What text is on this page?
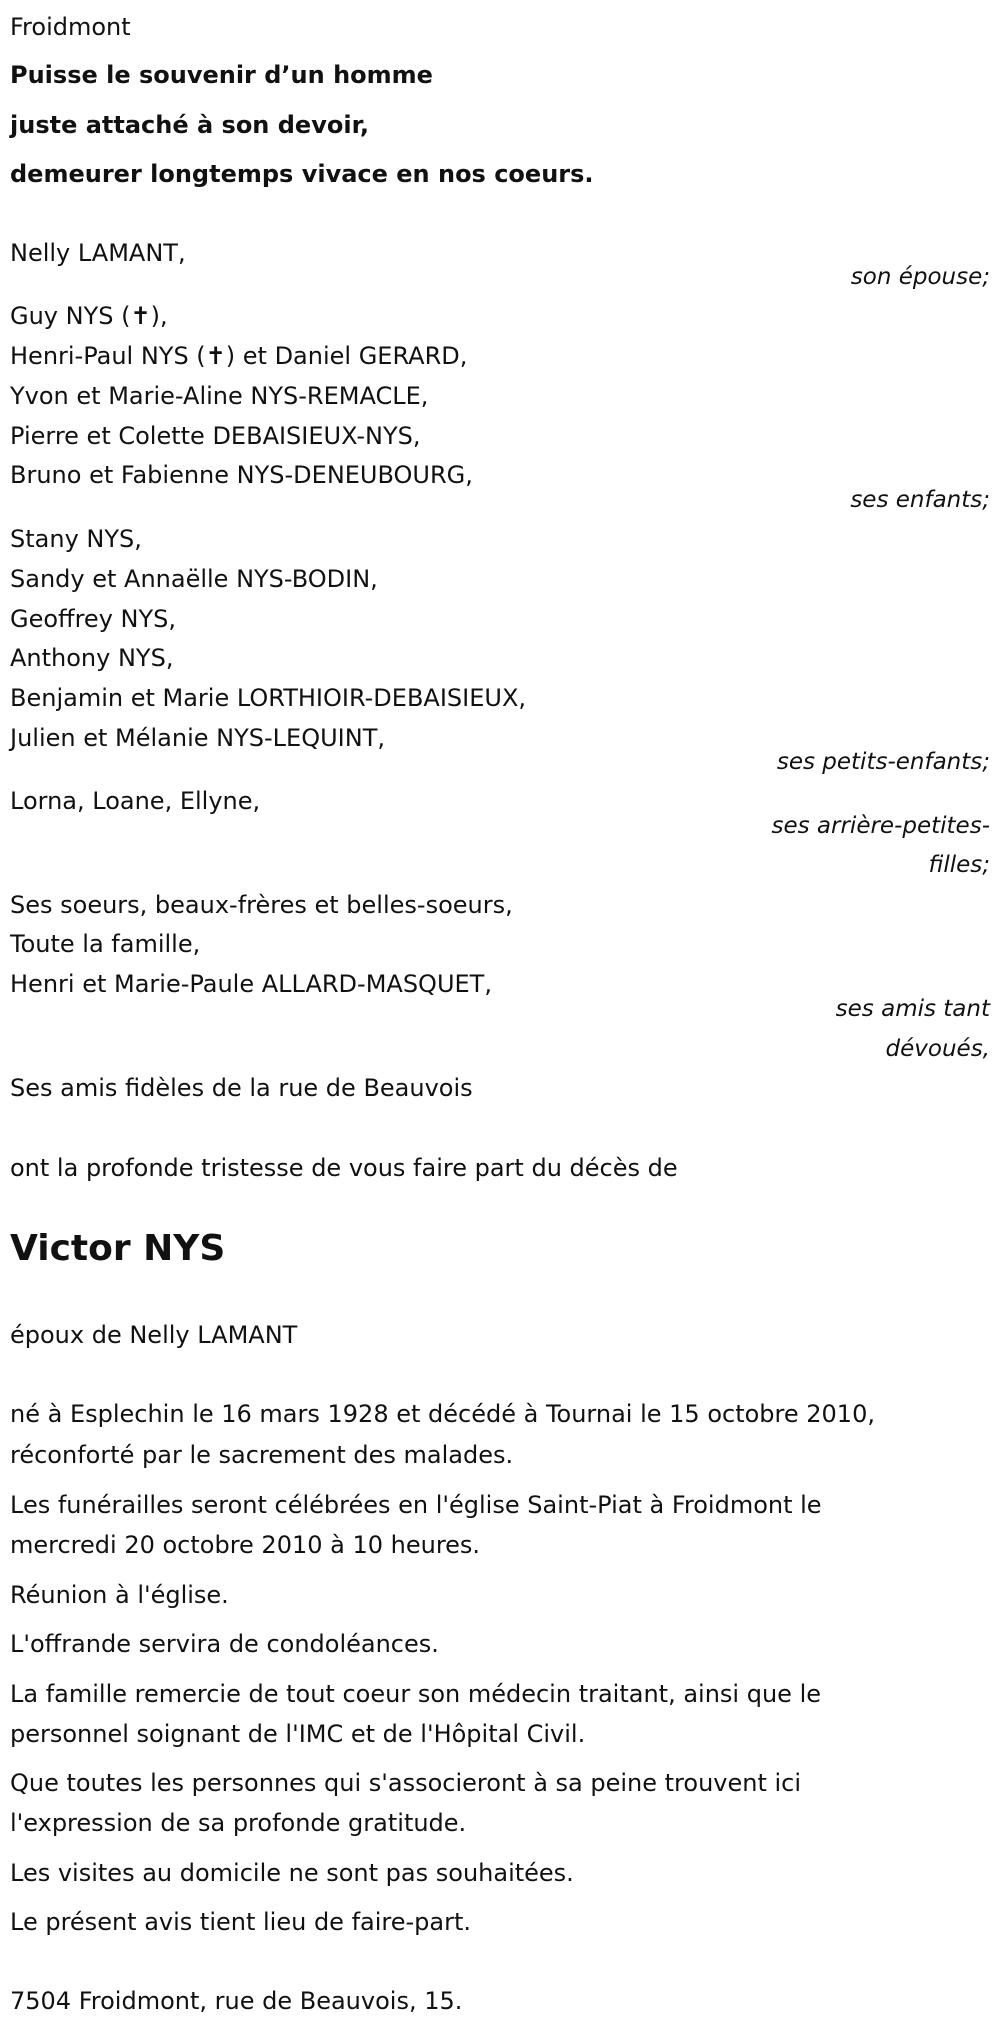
Froidmont
Puisse le souvenir d’un homme
juste attaché à son devoir,
demeurer longtemps vivace en nos coeurs.
Nelly LAMANT,
son épouse;
Guy NYS (✝),
Henri-Paul NYS (✝) et Daniel GERARD,
Yvon et Marie-Aline NYS-REMACLE,
Pierre et Colette DEBAISIEUX-NYS,
Bruno et Fabienne NYS-DENEUBOURG,
ses enfants;
Stany NYS,
Sandy et Annaëlle NYS-BODIN,
Geoffrey NYS,
Anthony NYS,
Benjamin et Marie LORTHIOIR-DEBAISIEUX,
Julien et Mélanie NYS-LEQUINT,
ses petits-enfants;
Lorna, Loane, Ellyne,
ses arrière-petites-
filles;
Ses soeurs, beaux-frères et belles-soeurs,
Toute la famille,
Henri et Marie-Paule ALLARD-MASQUET,
ses amis tant
dévoués,
Ses amis fidèles de la rue de Beauvois
ont la profonde tristesse de vous faire part du décès de
Victor NYS
époux de Nelly LAMANT
né à Esplechin le 16 mars 1928 et décédé à Tournai le 15 octobre 2010,
réconforté par le sacrement des malades.
Les funérailles seront célébrées en l'église Saint-Piat à Froidmont le
mercredi 20 octobre 2010 à 10 heures.
Réunion à l'église.
L'offrande servira de condoléances.
La famille remercie de tout coeur son médecin traitant, ainsi que le
personnel soignant de l'IMC et de l'Hôpital Civil.
Que toutes les personnes qui s'associeront à sa peine trouvent ici
l'expression de sa profonde gratitude.
Les visites au domicile ne sont pas souhaitées.
Le présent avis tient lieu de faire-part.
7504 Froidmont, rue de Beauvois, 15.
